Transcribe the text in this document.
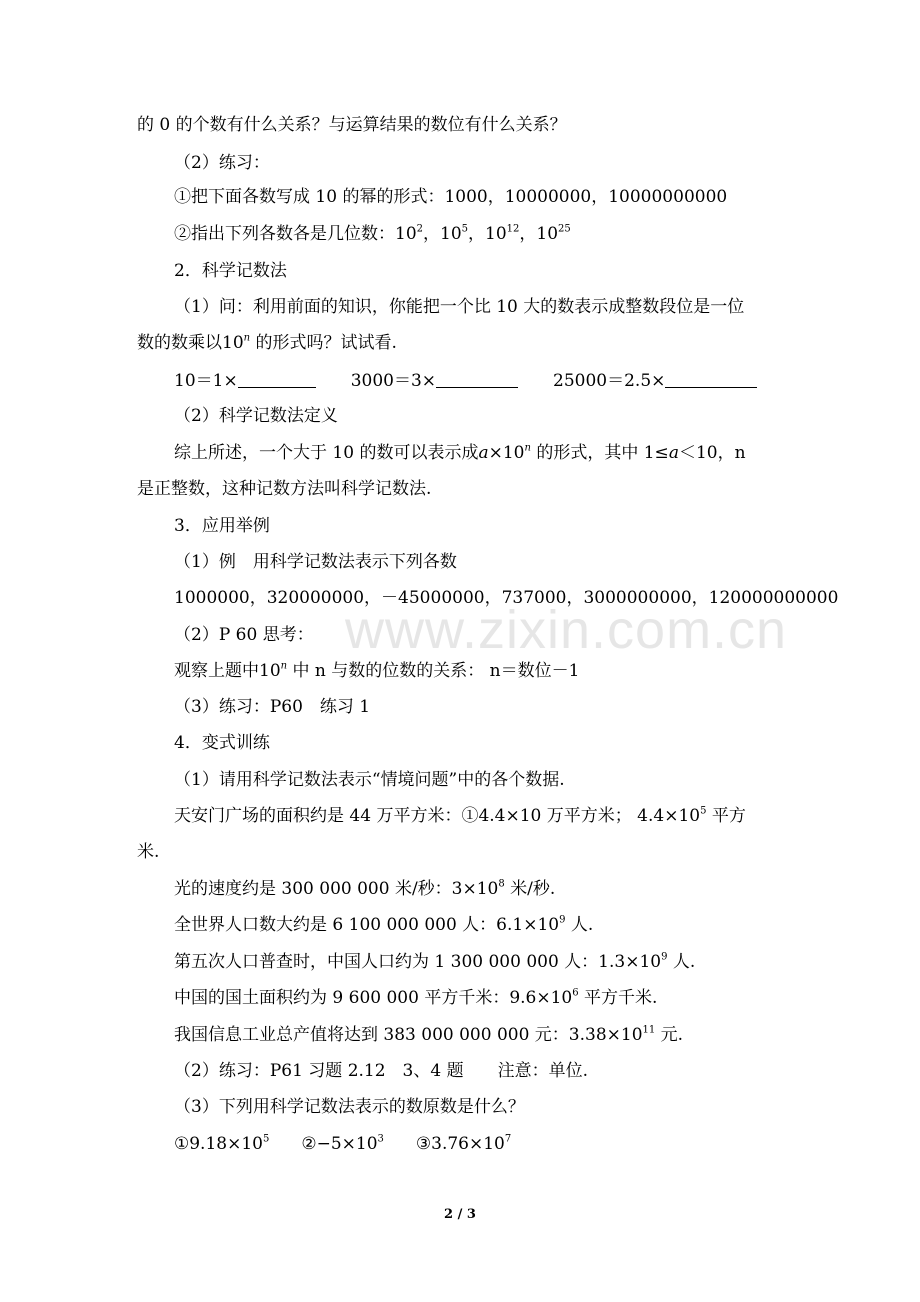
www.zixin.com.cn
的 0 的个数有什么关系？与运算结果的数位有什么关系？
（2）练习：
①把下面各数写成 10 的幂的形式：1000，10000000，10000000000
②指出下列各数各是几位数：$10^2$，$10^5$，$10^{12}$，$10^{25}$
2．科学记数法
（1）问：利用前面的知识，你能把一个比 10 大的数表示成整数段位是一位
数的数乘以10$^n$ 的形式吗？试试看.
10＝1×	3000＝3×	25000＝2.5×
（2）科学记数法定义
综上所述，一个大于 10 的数可以表示成$a\times 10^n$ 的形式，其中 1≤a＜10，n
是正整数，这种记数方法叫科学记数法.
3．应用举例
（1）例　用科学记数法表示下列各数
1000000，320000000，－45000000，737000，3000000000，120000000000
（2）P 60 思考：
观察上题中10$^n$ 中 n 与数的位数的关系： n＝数位－1
（3）练习：P60　练习 1
4．变式训练
（1）请用科学记数法表示“情境问题”中的各个数据.
天安门广场的面积约是 44 万平方米：①4.4×10 万平方米； $4.4\times 10^5$ 平方
米.
光的速度约是 300 000 000 米/秒：$3\times 10^8$ 米/秒.
全世界人口数大约是 6 100 000 000 人：$6.1\times 10^9$ 人.
第五次人口普查时，中国人口约为 1 300 000 000 人：$1.3\times 10^9$ 人.
中国的国土面积约为 9 600 000 平方千米：$9.6\times 10^6$ 平方千米.
我国信息工业总产值将达到 383 000 000 000 元：$3.38\times 10^{11}$ 元.
（2）练习：P61 习题 2.12　3、4 题　　注意：单位.
（3）下列用科学记数法表示的数原数是什么？
$①9.18\times 10^5$ $②-5\times 10^3$ $③3.76\times 10^7$
2 / 3
